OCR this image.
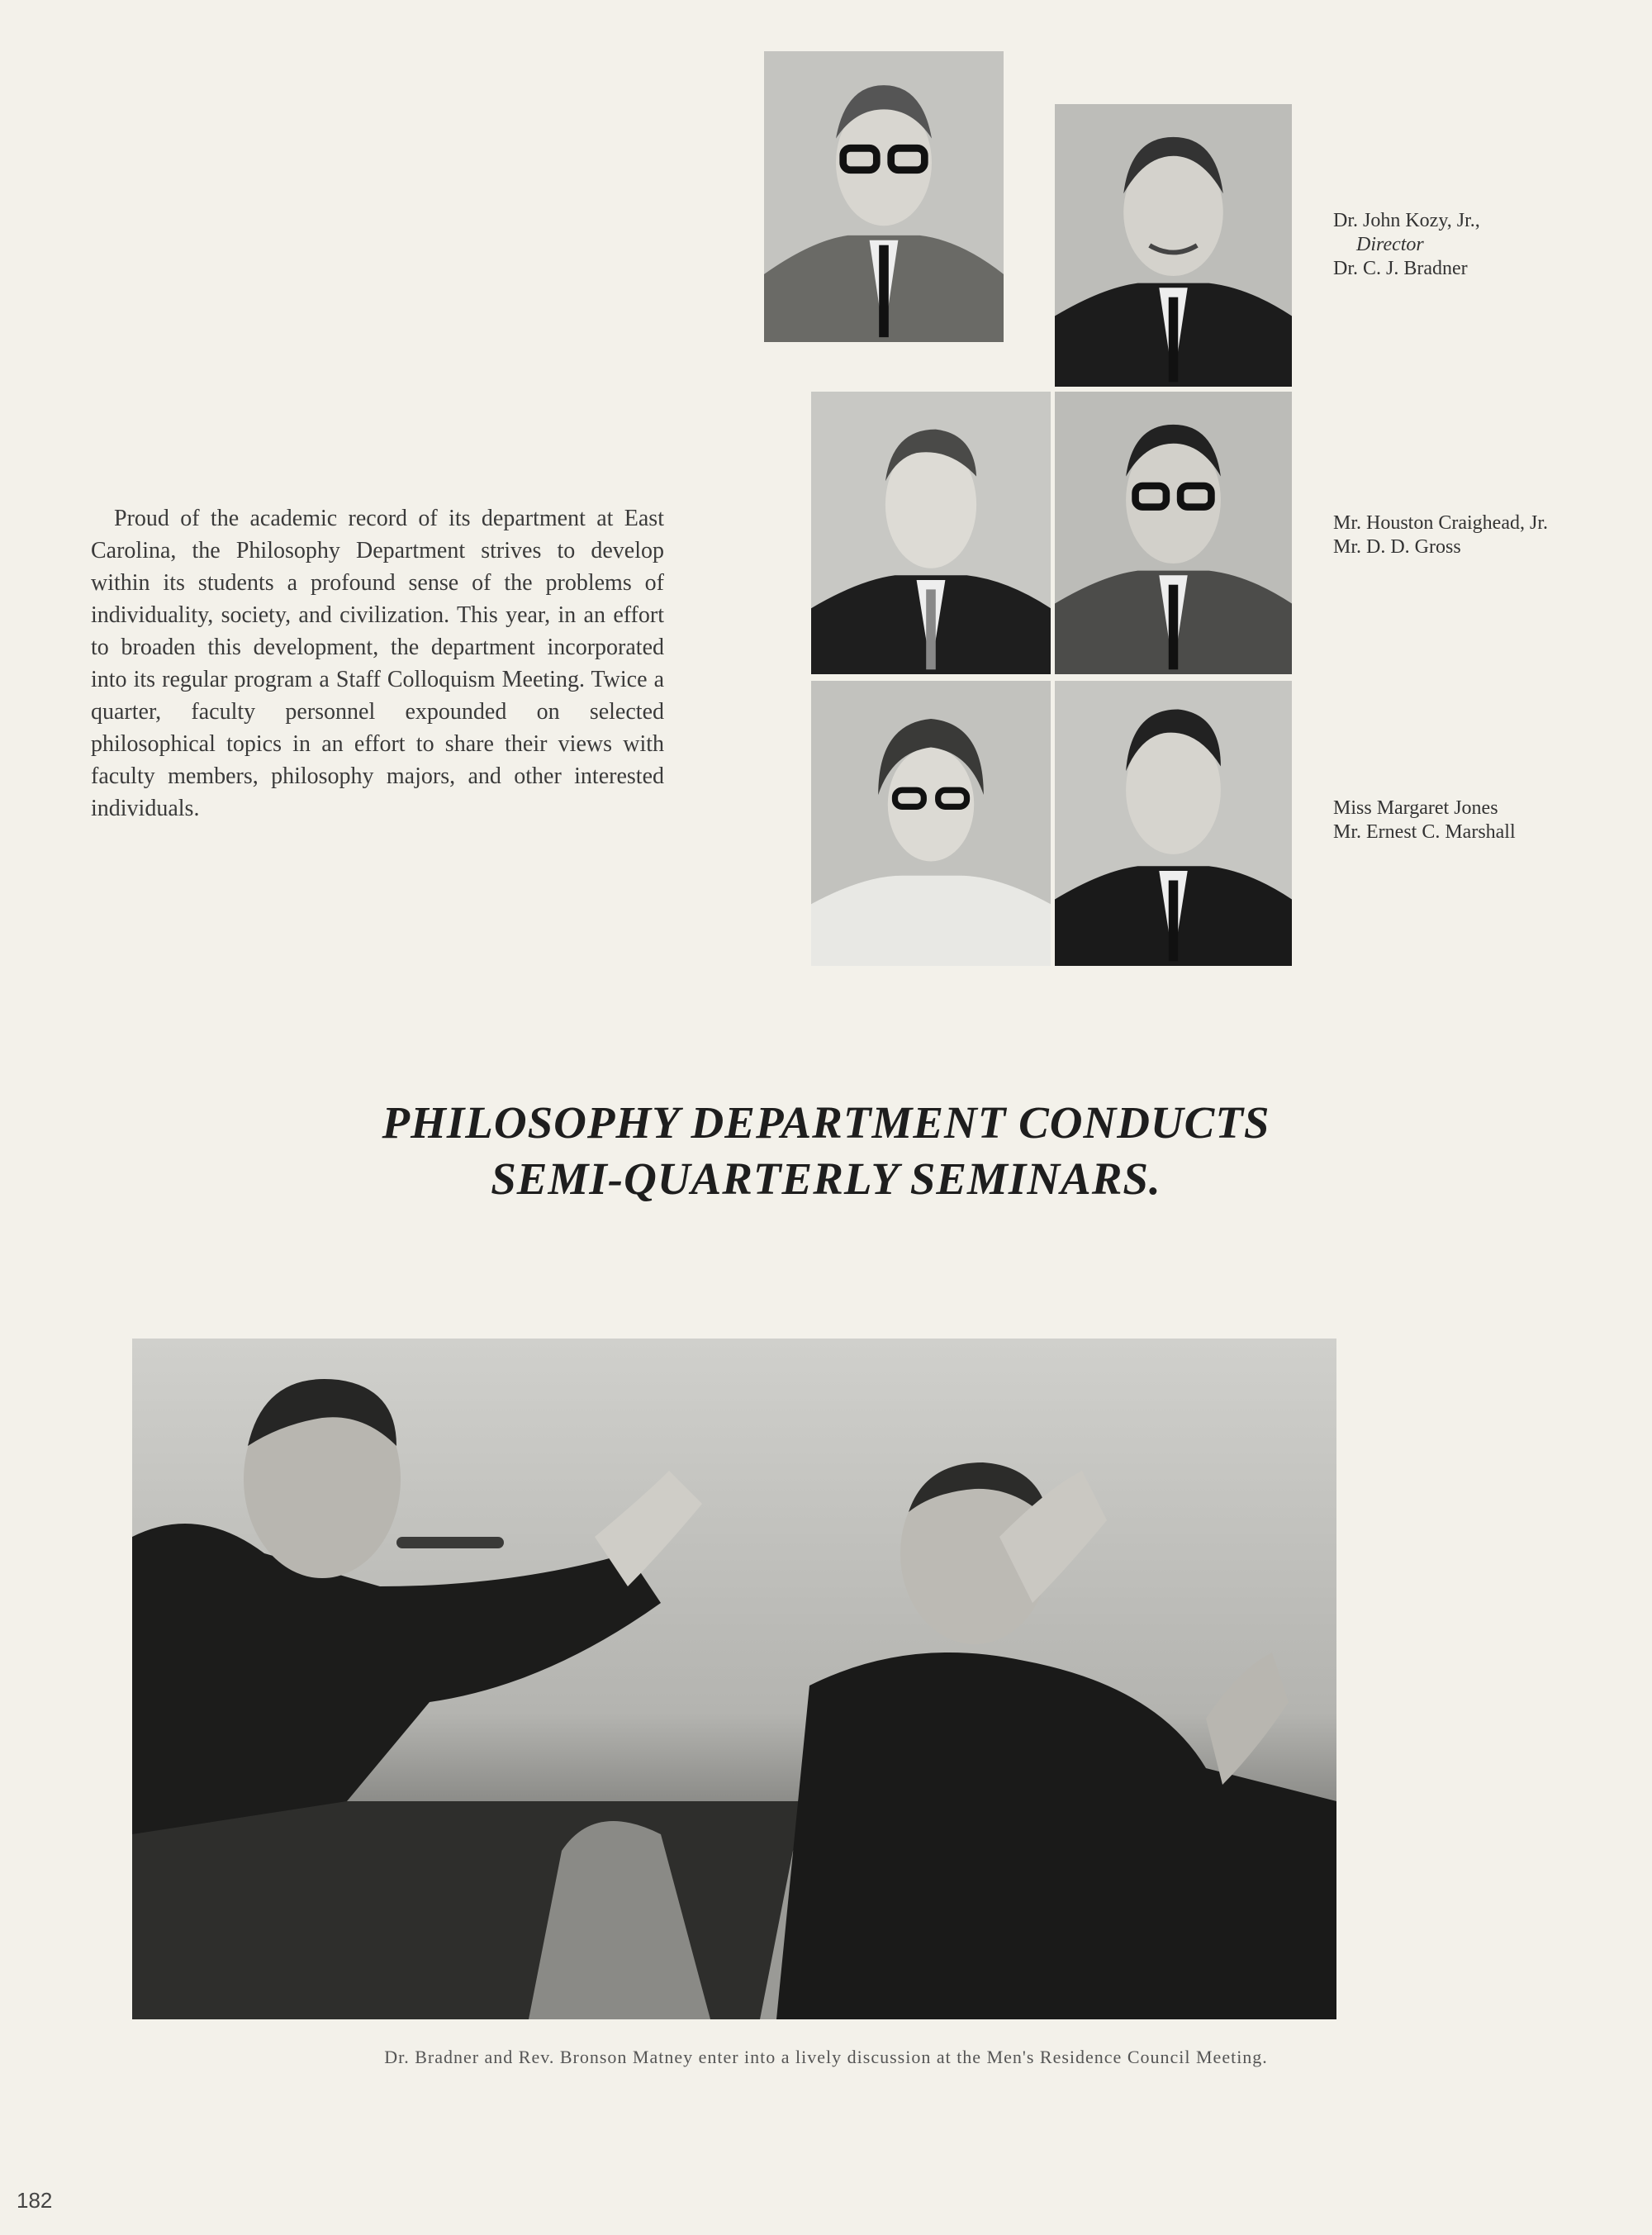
Dr. John Kozy, Jr.,

Director
Dr. C. J. Bradner
Mr. Houston Craighead, Jr.
Mr. D. D. Gross
Miss Margaret Jones
Mr. Ernest C. Marshall

Proud of the academic record of its department at East Carolina, the Philosophy Department strives to develop within its students a profound sense of the problems of individuality, society, and civilization. This year, in an effort to broaden this development, the department incorporated into its regular program a Staff Colloquism Meeting. Twice a quarter, faculty personnel expounded on selected philosophical topics in an effort to share their views with faculty members, philosophy majors, and other interested individuals.

PHILOSOPHY DEPARTMENT CONDUCTS
SEMI-QUARTERLY SEMINARS.
Dr. Bradner and Rev. Bronson Matney enter into a lively discussion at the Men's Residence Council Meeting.
182
